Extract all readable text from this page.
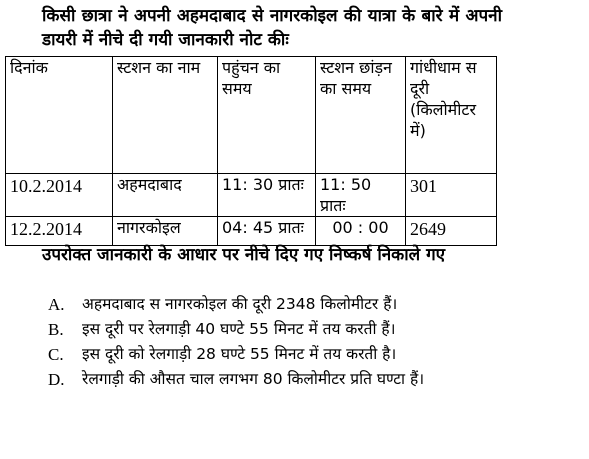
किसी छात्रा ने अपनी अहमदाबाद से नागरकोइल की यात्रा के बारे में अपनी डायरी में नीचे दी गयी जानकारी नोट कीः
दिनांक	स्टशन का नाम	पहुंचन का समय	स्टशन छांड़न का समय	गांधीधाम स दूरी (किलोमीटर में)
10.2.2014	अहमदाबाद	11: 30 प्रातः	11: 50 प्रातः	301
12.2.2014	नागरकोइल	04: 45 प्रातः	00 : 00	2649
उपरोक्त जानकारी के आधार पर नीचे दिए गए निष्कर्ष निकाले गए
A.	अहमदाबाद स नागरकोइल की दूरी 2348 किलोमीटर हैं।
B.	इस दूरी पर रेलगाड़ी 40 घण्टे 55 मिनट में तय करती हैं।
C.	इस दूरी को रेलगाड़ी 28 घण्टे 55 मिनट में तय करती है।
D.	रेलगाड़ी की औसत चाल लगभग 80 किलोमीटर प्रति घण्टा हैं।
